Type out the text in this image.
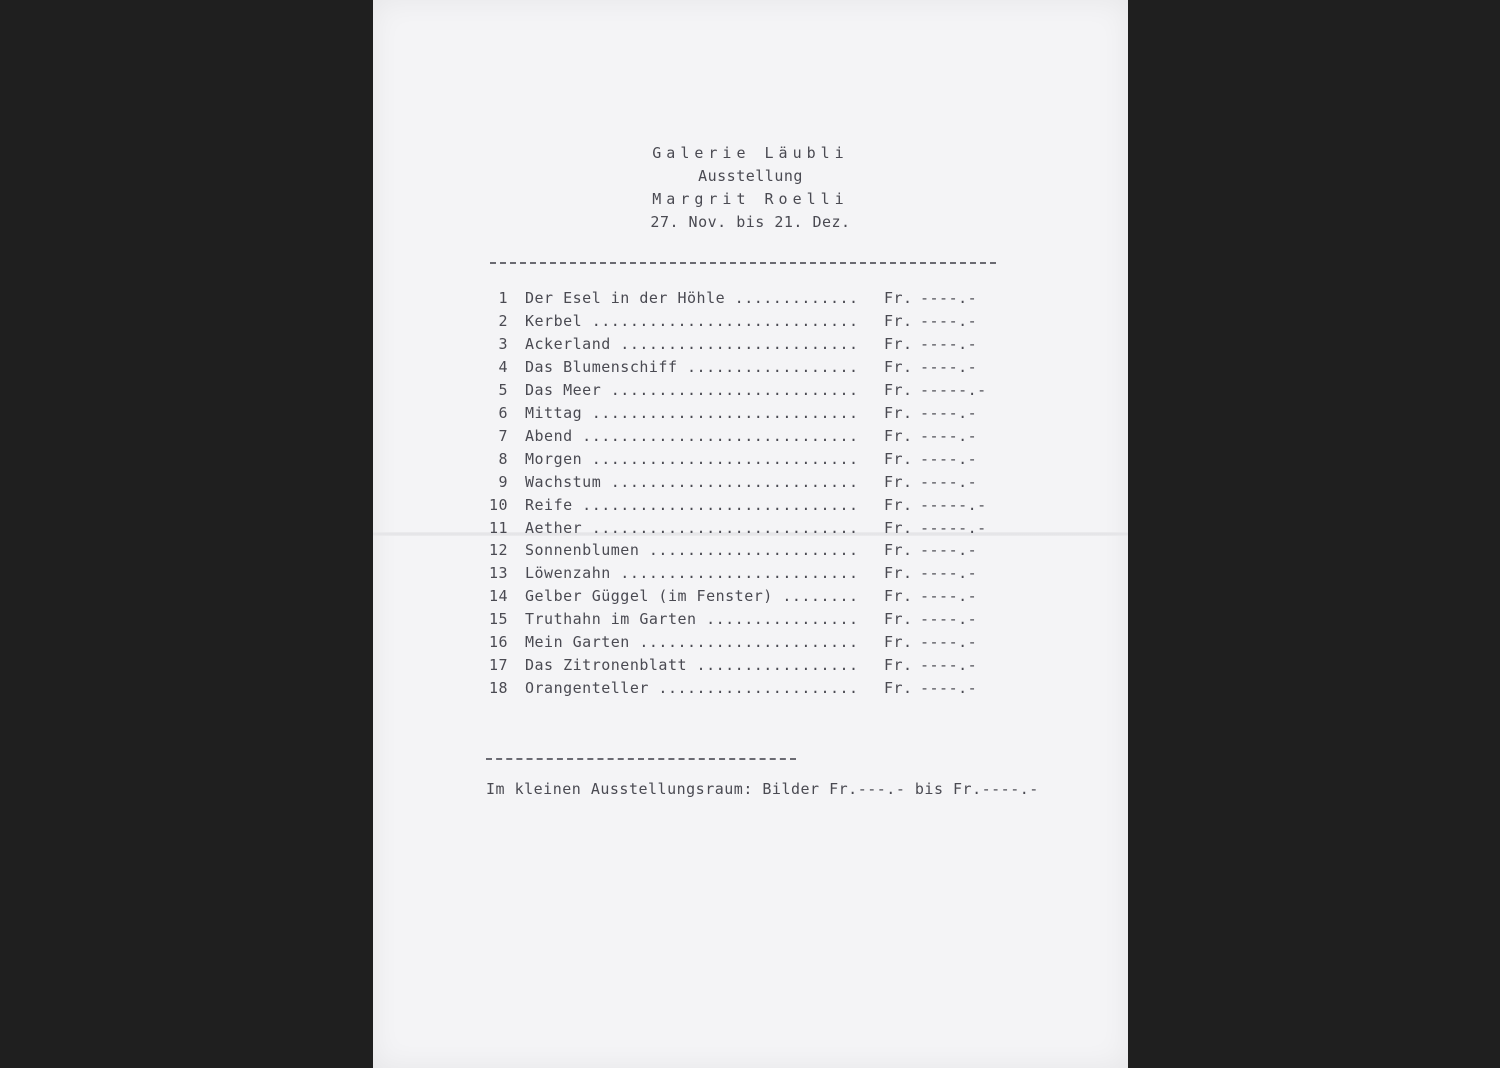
Galerie Läubli
Ausstellung
Margrit Roelli
27. Nov. bis 21. Dez.
1 Der Esel in der Höhle .............	Fr. ----.-
2 Kerbel ............................	Fr. ----.-
3 Ackerland .........................	Fr. ----.-
4 Das Blumenschiff ..................	Fr. ----.-
5 Das Meer ..........................	Fr. -----.-
6 Mittag ............................	Fr. ----.-
7 Abend .............................	Fr. ----.-
8 Morgen ............................	Fr. ----.-
9 Wachstum ..........................	Fr. ----.-
10 Reife .............................	Fr. -----.-
11 Aether ............................	Fr. -----.-
12 Sonnenblumen ......................	Fr. ----.-
13 Löwenzahn .........................	Fr. ----.-
14 Gelber Güggel (im Fenster) ........	Fr. ----.-
15 Truthahn im Garten ................	Fr. ----.-
16 Mein Garten .......................	Fr. ----.-
17 Das Zitronenblatt .................	Fr. ----.-
18 Orangenteller .....................	Fr. ----.-
Im kleinen Ausstellungsraum: Bilder Fr.---.- bis Fr.----.-
